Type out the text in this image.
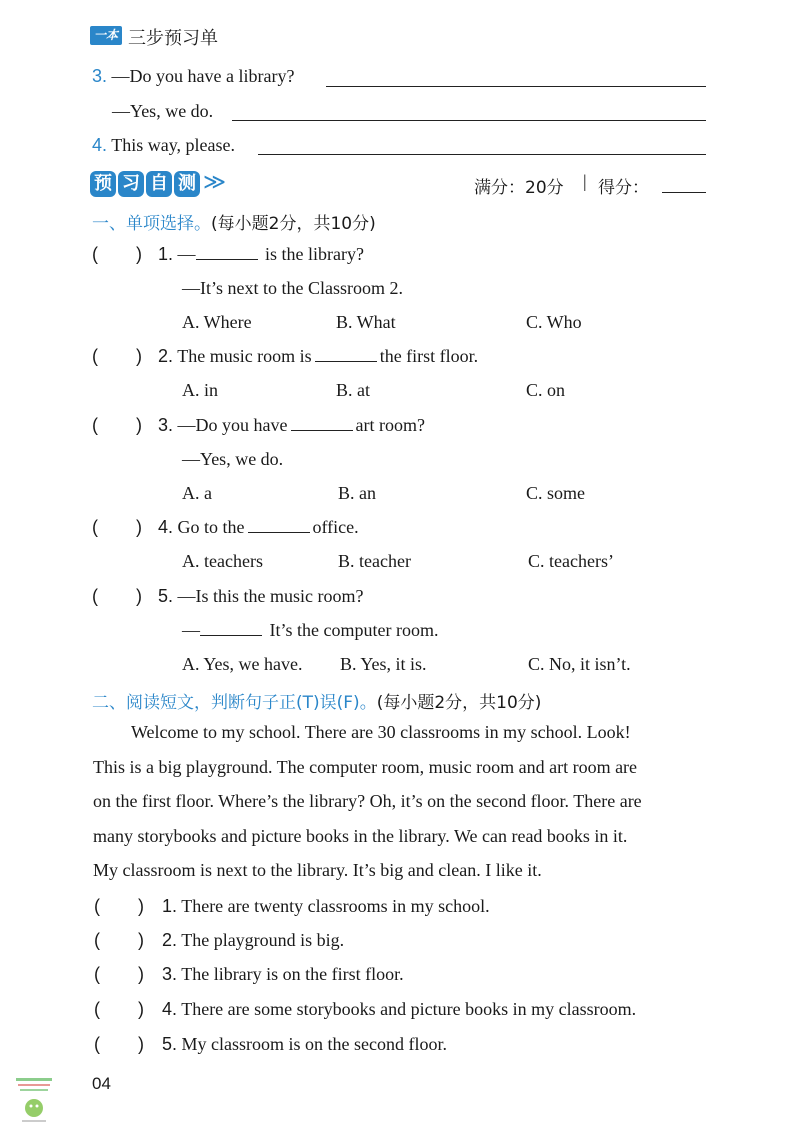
一本 三步预习单
3. —Do you have a library?
—Yes, we do.
4. This way, please.
预 习 自 测 ≫	满分：20分 | 得分：
一、单项选择。(每小题2分，共10分)
( ) 1. —	is the library?
—It’s next to the Classroom 2.
A. Where	B. What	C. Who
( ) 2. The music room is	the first floor.
A. in	B. at	C. on
( ) 3. —Do you have	art room?
—Yes, we do.
A. a	B. an	C. some
( ) 4. Go to the	office.
A. teachers	B. teacher	C. teachers’
( ) 5. —Is this the music room?
—	It’s the computer room.
A. Yes, we have. B. Yes, it is.	C. No, it isn’t.
二、阅读短文，判断句子正(T)误(F)。(每小题2分，共10分)
Welcome to my school. There are 30 classrooms in my school. Look!
This is a big playground. The computer room, music room and art room are
on the first floor. Where’s the library? Oh, it’s on the second floor. There are
many storybooks and picture books in the library. We can read books in it.
My classroom is next to the library. It’s big and clean. I like it.
( ) 1. There are twenty classrooms in my school.
( ) 2. The playground is big.
( ) 3. The library is on the first floor.
( ) 4. There are some storybooks and picture books in my classroom.
( ) 5. My classroom is on the second floor.
04
